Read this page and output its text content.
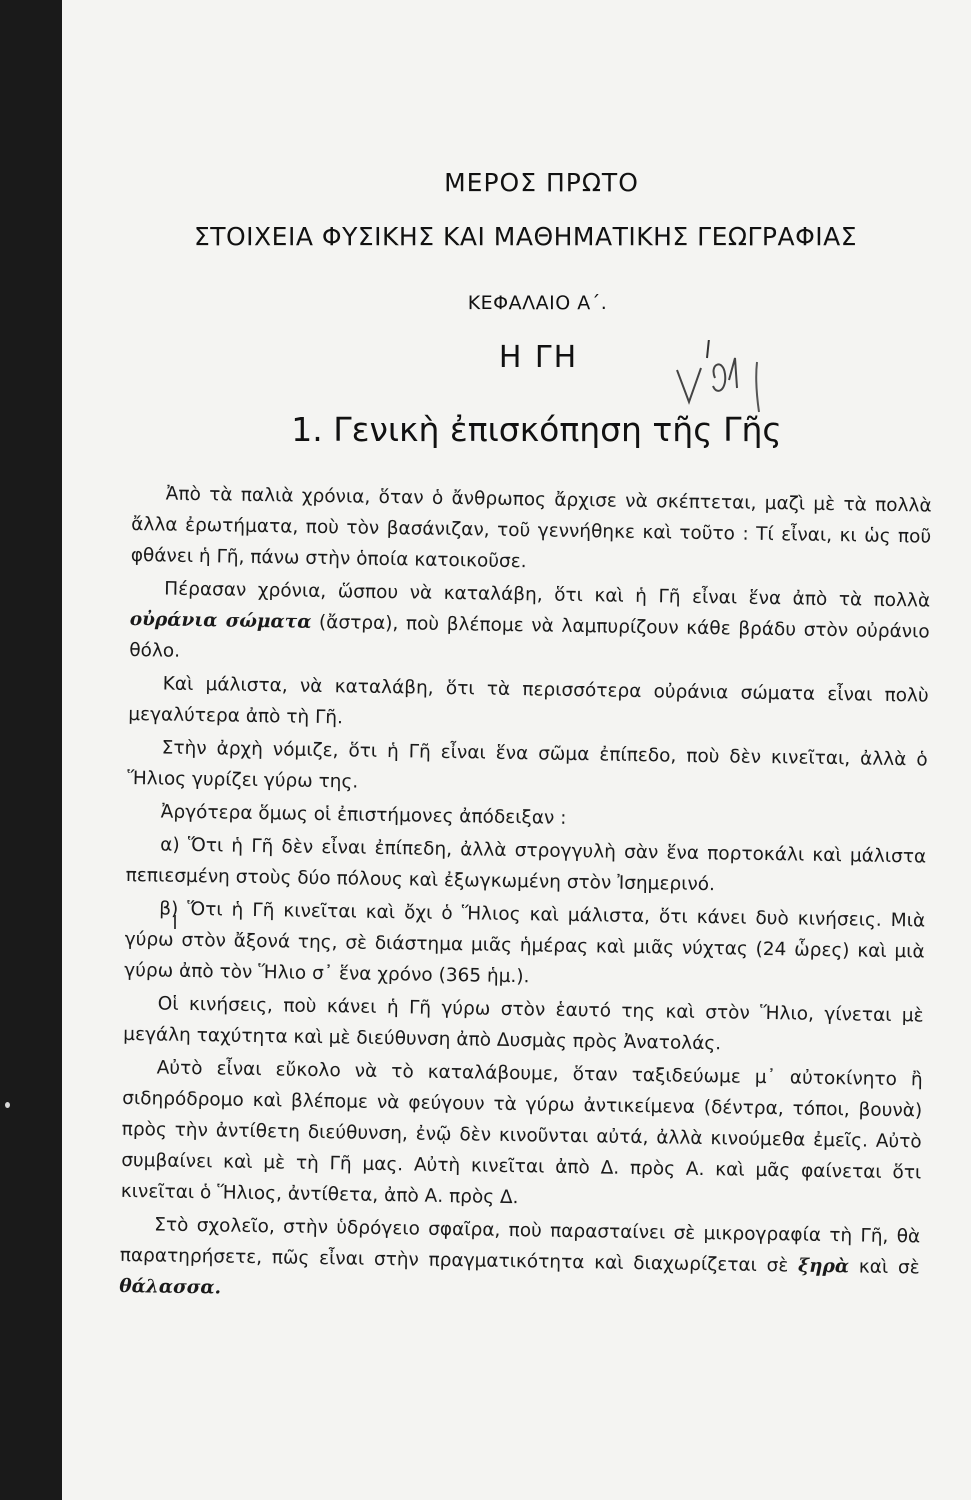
ΜΕΡΟΣ ΠΡΩΤΟ
ΣΤΟΙΧΕΙΑ ΦΥΣΙΚΗΣ ΚΑΙ ΜΑΘΗΜΑΤΙΚΗΣ ΓΕΩΓΡΑΦΙΑΣ
ΚΕΦΑΛΑΙΟ Α΄.
Η ΓΗ
1. Γενικὴ ἐπισκόπηση τῆς Γῆς

Ἀπὸ τὰ παλιὰ χρόνια, ὅταν ὁ ἄνθρωπος ἄρχισε νὰ σκέπτεται, μαζὶ μὲ τὰ πολλὰ ἄλλα ἐρωτήματα, ποὺ τὸν βασάνιζαν, τοῦ γεννήθηκε καὶ τοῦτο : Τί εἶναι, κι ὡς ποῦ φθάνει ἡ Γῆ, πάνω στὴν ὁποία κατοικοῦσε.

Πέρασαν χρόνια, ὥσπου νὰ καταλάβη, ὅτι καὶ ἡ Γῆ εἶναι ἕνα ἀπὸ τὰ πολλὰ οὐράνια σώματα (ἄστρα), ποὺ βλέπομε νὰ λαμπυρίζουν κάθε βράδυ στὸν οὐράνιο θόλο.

Καὶ μάλιστα, νὰ καταλάβη, ὅτι τὰ περισσότερα οὐράνια σώματα εἶναι πολὺ μεγαλύτερα ἀπὸ τὴ Γῆ.

Στὴν ἀρχὴ νόμιζε, ὅτι ἡ Γῆ εἶναι ἕνα σῶμα ἐπίπεδο, ποὺ δὲν κινεῖται, ἀλλὰ ὁ Ἥλιος γυρίζει γύρω της.

Ἀργότερα ὅμως οἱ ἐπιστήμονες ἀπόδειξαν :

α) Ὅτι ἡ Γῆ δὲν εἶναι ἐπίπεδη, ἀλλὰ στρογγυλὴ σὰν ἕνα πορτοκάλι καὶ μάλιστα πεπιεσμένη στοὺς δύο πόλους καὶ ἐξωγκωμένη στὸν Ἰσημερινό.

β) Ὅτι ἡ Γῆ κινεῖται καὶ ὄχι ὁ Ἥλιος καὶ μάλιστα, ὅτι κάνει δυὸ κινήσεις. Μιὰ γύρω στὸν ἄξονά της, σὲ διάστημα μιᾶς ἡμέρας καὶ μιᾶς νύχτας (24 ὧρες) καὶ μιὰ γύρω ἀπὸ τὸν Ἥλιο σ᾿ ἕνα χρόνο (365 ἡμ.).

Οἱ κινήσεις, ποὺ κάνει ἡ Γῆ γύρω στὸν ἑαυτό της καὶ στὸν Ἥλιο, γίνεται μὲ μεγάλη ταχύτητα καὶ μὲ διεύθυνση ἀπὸ Δυσμὰς πρὸς Ἀνατολάς.

Αὐτὸ εἶναι εὔκολο νὰ τὸ καταλάβουμε, ὅταν ταξιδεύωμε μ᾿ αὐτοκίνητο ἢ σιδηρόδρομο καὶ βλέπομε νὰ φεύγουν τὰ γύρω ἀντικείμενα (δέντρα, τόποι, βουνὰ) πρὸς τὴν ἀντίθετη διεύθυνση, ἐνῷ δὲν κινοῦνται αὐτά, ἀλλὰ κινούμεθα ἐμεῖς. Αὐτὸ συμβαίνει καὶ μὲ τὴ Γῆ μας. Αὐτὴ κινεῖται ἀπὸ Δ. πρὸς Α. καὶ μᾶς φαίνεται ὅτι κινεῖται ὁ Ἥλιος, ἀντίθετα, ἀπὸ Α. πρὸς Δ.

Στὸ σχολεῖο, στὴν ὑδρόγειο σφαῖρα, ποὺ παρασταίνει σὲ μικρογραφία τὴ Γῆ, θὰ παρατηρήσετε, πῶς εἶναι στὴν πραγματικότητα καὶ διαχωρίζεται σὲ ξηρὰ καὶ σὲ θάλασσα.
